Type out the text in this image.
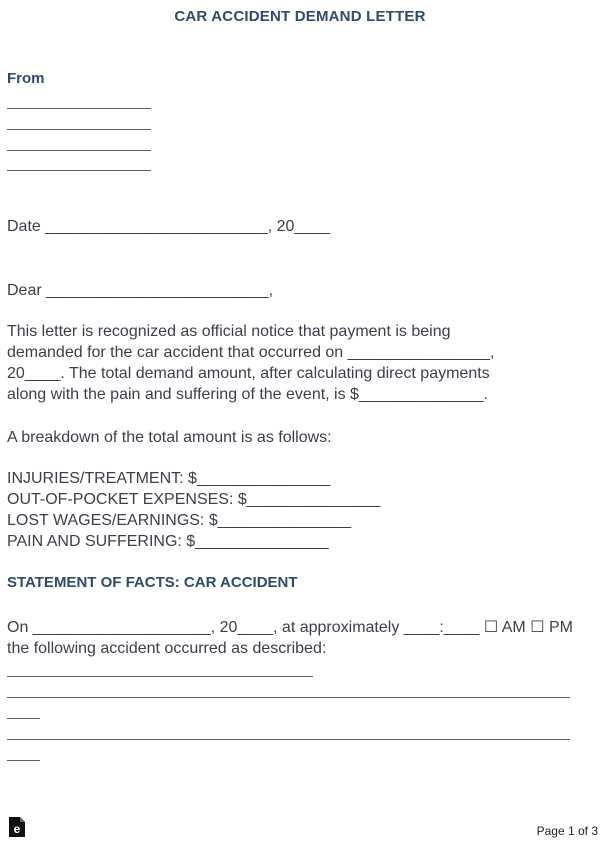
CAR ACCIDENT DEMAND LETTER
From
Date _________________________, 20____
Dear _________________________,
This letter is recognized as official notice that payment is being
demanded for the car accident that occurred on ________________,
20____. The total demand amount, after calculating direct payments
along with the pain and suffering of the event, is $______________.
A breakdown of the total amount is as follows:
INJURIES/TREATMENT: $_______________
OUT-OF-POCKET EXPENSES: $_______________
LOST WAGES/EARNINGS: $_______________
PAIN AND SUFFERING: $_______________
STATEMENT OF FACTS: CAR ACCIDENT
On ____________________, 20____, at approximately ____:____ ☐ AM ☐ PM
the following accident occurred as described:
e	Page 1 of 3
